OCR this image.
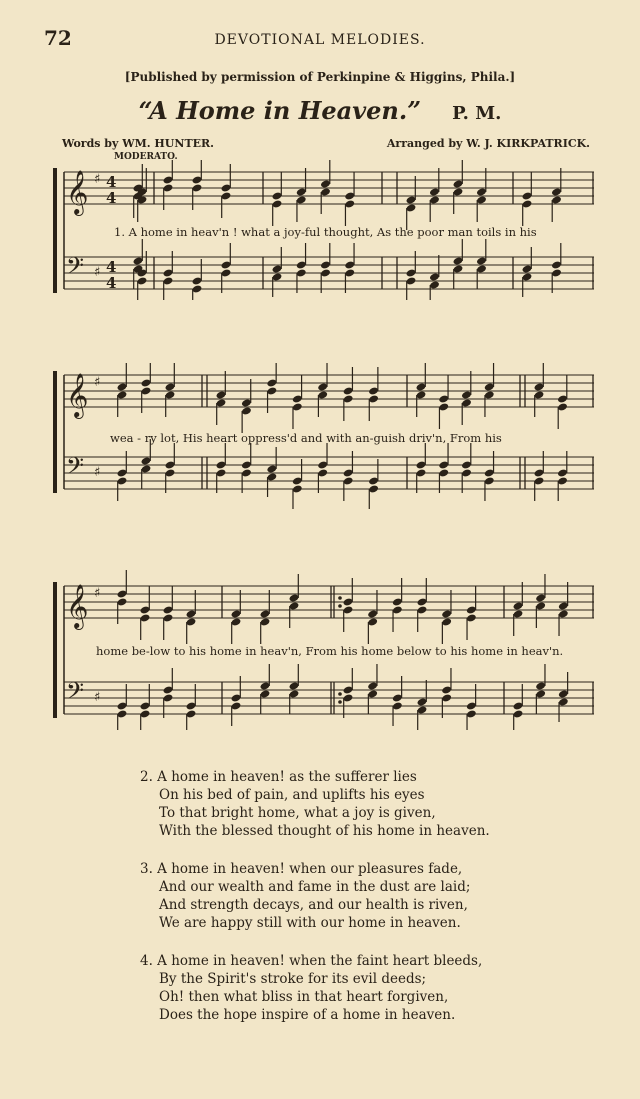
72	DEVOTIONAL MELODIES.
[Published by permission of Perkinpine & Higgins, Phila.]
“A Home in Heaven.” P. M.
Words by WM. HUNTER.	Arranged by W. J. KIRKPATRICK.
MODERATO.
𝄞 ♯ 4
4
𝄢 ♯ 4
4
1. A home in heav'n ! what a joy-ful thought, As the poor man toils in his
𝄞 ♯
𝄢 ♯
wea - ry lot, His heart oppress'd and with an-guish driv'n, From his
𝄞 ♯
𝄢 ♯
home be-low to his home in heav'n, From his home below to his home in heav'n.
2. A home in heaven! as the sufferer lies
On his bed of pain, and uplifts his eyes
To that bright home, what a joy is given,
With the blessed thought of his home in heaven.
3. A home in heaven! when our pleasures fade,
And our wealth and fame in the dust are laid;
And strength decays, and our health is riven,
We are happy still with our home in heaven.
4. A home in heaven! when the faint heart bleeds,
By the Spirit's stroke for its evil deeds;
Oh! then what bliss in that heart forgiven,
Does the hope inspire of a home in heaven.
